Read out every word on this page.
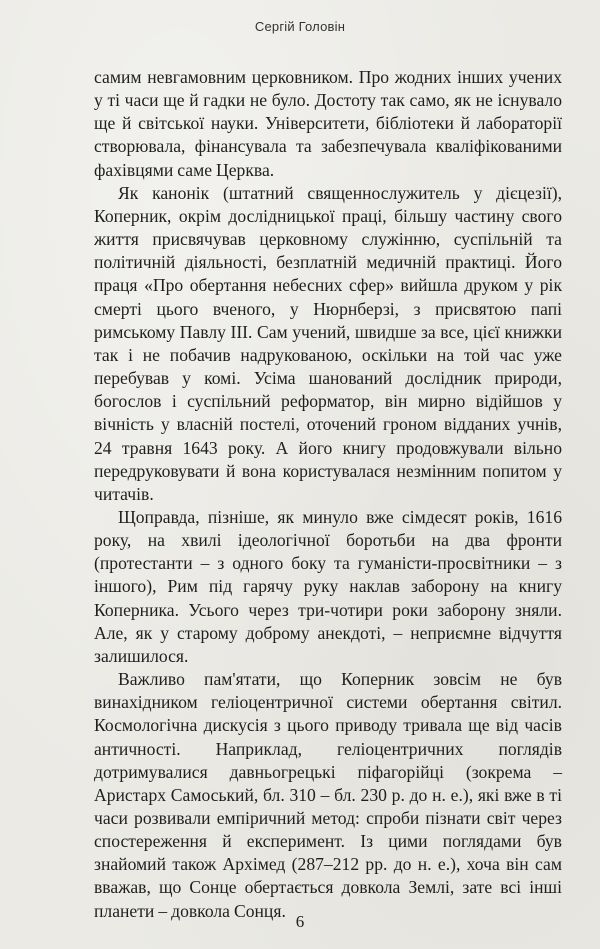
Сергій Головін

самим невгамовним церковником. Про жодних інших учених у ті часи ще й гадки не було. Достоту так само, як не існувало ще й світської науки. Університети, бібліотеки й лабораторії створювала, фінансувала та забезпечувала кваліфікованими фахівцями саме Церква.

Як канонік (штатний священнослужитель у дієцезії), Коперник, окрім дослідницької праці, більшу частину свого життя присвячував церковному служінню, суспільній та політичній діяльності, безплатній медичній практиці. Його праця «Про обертання небесних сфер» вийшла друком у рік смерті цього вченого, у Нюрнберзі, з присвятою папі римському Павлу III. Сам учений, швидше за все, цієї книжки так і не побачив надрукованою, оскільки на той час уже перебував у комі. Усіма шанований дослідник природи, богослов і суспільний реформатор, він мирно відійшов у вічність у власній постелі, оточений гроном відданих учнів, 24 травня 1643 року. А його книгу продовжували вільно передруковувати й вона користувалася незмінним попитом у читачів.

Щоправда, пізніше, як минуло вже сімдесят років, 1616 року, на хвилі ідеологічної боротьби на два фронти (протестанти – з одного боку та гуманісти-просвітники – з іншого), Рим під гарячу руку наклав заборону на книгу Коперника. Усього через три-чотири роки заборону зняли. Але, як у старому доброму анекдоті, – неприємне відчуття залишилося.

Важливо пам'ятати, що Коперник зовсім не був винахідником геліоцентричної системи обертання світил. Космологічна дискусія з цього приводу тривала ще від часів античності. Наприклад, геліоцентричних поглядів дотримувалися давньогрецькі піфагорійці (зокрема – Аристарх Самоський, бл. 310 – бл. 230 р. до н. е.), які вже в ті часи розвивали емпіричний метод: спроби пізнати світ через спостереження й експеримент. Із цими поглядами був знайомий також Архімед (287–212 рр. до н. е.), хоча він сам вважав, що Сонце обертається довкола Землі, зате всі інші планети – довкола Сонця.

6
